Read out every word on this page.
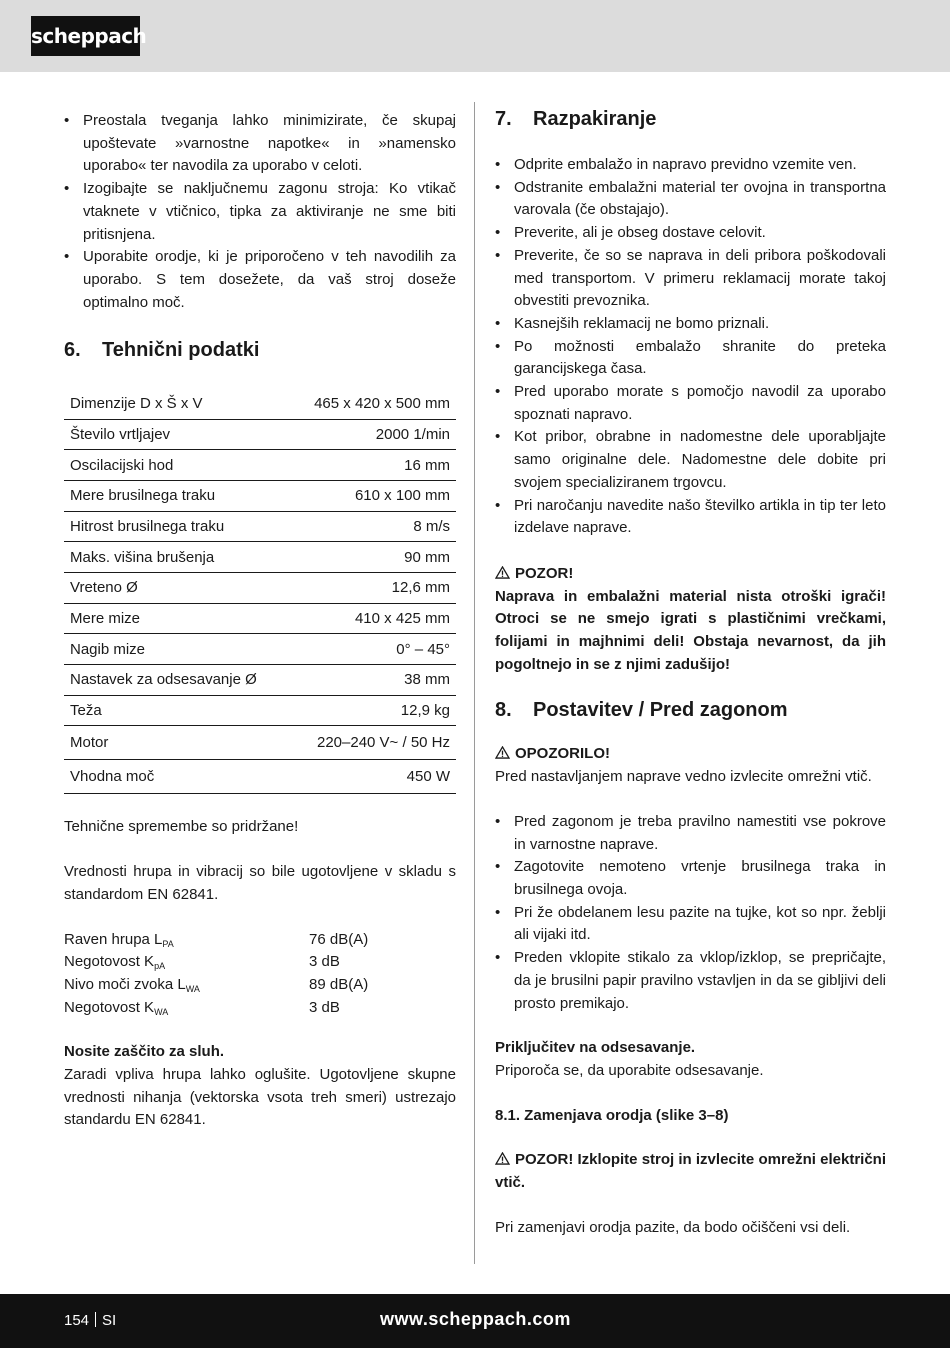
scheppach
• Preostala tveganja lahko minimizirate, če skupaj upoštevate »varnostne napotke« in »namensko uporabo« ter navodila za uporabo v celoti.
• Izogibajte se naključnemu zagonu stroja: Ko vtikač vtaknete v vtičnico, tipka za aktiviranje ne sme biti pritisnjena.
• Uporabite orodje, ki je priporočeno v teh navodilih za uporabo. S tem dosežete, da vaš stroj doseže optimalno moč.
6.	Tehnični podatki
Dimenzije D x Š x V	465 x 420 x 500 mm
Število vrtljajev	2000 1/min
Oscilacijski hod	16 mm
Mere brusilnega traku	610 x 100 mm
Hitrost brusilnega traku	8 m/s
Maks. višina brušenja	90 mm
Vreteno Ø	12,6 mm
Mere mize	410 x 425 mm
Nagib mize	0° – 45°
Nastavek za odsesavanje Ø	38 mm
Teža	12,9 kg
Motor	220–240 V~ / 50 Hz
Vhodna moč	450 W

Tehnične spremembe so pridržane!

Vrednosti hrupa in vibracij so bile ugotovljene v skladu s standardom EN 62841.

Raven hrupa $L_{PA}$	76 dB(A)
Negotovost $K_{pA}$	3 dB
Nivo moči zvoka $L_{WA}$	89 dB(A)
Negotovost $K_{WA}$	3 dB

Nosite zaščito za sluh.

Zaradi vpliva hrupa lahko oglušite. Ugotovljene skupne vrednosti nihanja (vektorska vsota treh smeri) ustrezajo standardu EN 62841.

7.	Razpakiranje
• Odprite embalažo in napravo previdno vzemite ven.
• Odstranite embalažni material ter ovojna in transportna varovala (če obstajajo).
• Preverite, ali je obseg dostave celovit.
• Preverite, če so se naprava in deli pribora poškodovali med transportom. V primeru reklamacij morate takoj obvestiti prevoznika.
• Kasnejših reklamacij ne bomo priznali.
• Po možnosti embalažo shranite do preteka garancijskega časa.
• Pred uporabo morate s pomočjo navodil za uporabo spoznati napravo.
• Kot pribor, obrabne in nadomestne dele uporabljajte samo originalne dele. Nadomestne dele dobite pri svojem specializiranem trgovcu.
• Pri naročanju navedite našo številko artikla in tip ter leto izdelave naprave.

POZOR!

Naprava in embalažni material nista otroški igrači! Otroci se ne smejo igrati s plastičnimi vrečkami, folijami in majhnimi deli! Obstaja nevarnost, da jih pogoltnejo in se z njimi zadušijo!

8.	Postavitev / Pred zagonom

OPOZORILO!

Pred nastavljanjem naprave vedno izvlecite omrežni vtič.

• Pred zagonom je treba pravilno namestiti vse pokrove in varnostne naprave.
• Zagotovite nemoteno vrtenje brusilnega traka in brusilnega ovoja.
• Pri že obdelanem lesu pazite na tujke, kot so npr. žeblji ali vijaki itd.
• Preden vklopite stikalo za vklop/izklop, se prepričajte, da je brusilni papir pravilno vstavljen in da se gibljivi deli prosto premikajo.

Priključitev na odsesavanje.

Priporoča se, da uporabite odsesavanje.

8.1. Zamenjava orodja (slike 3–8)

POZOR! Izklopite stroj in izvlecite omrežni električni vtič.

Pri zamenjavi orodja pazite, da bodo očiščeni vsi deli.

154 SI	www.scheppach.com
